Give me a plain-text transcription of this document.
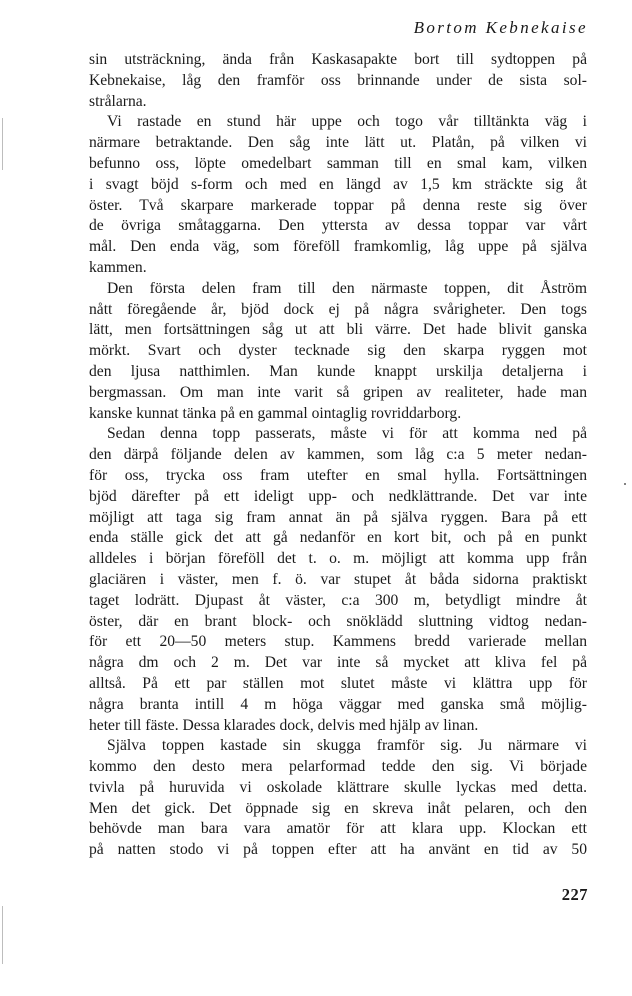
Bortom Kebnekaise
sin utsträckning, ända från Kaskasapakte bort till sydtoppen på
Kebnekaise, låg den framför oss brinnande under de sista sol-
strålarna.
Vi rastade en stund här uppe och togo vår tilltänkta väg i
närmare betraktande. Den såg inte lätt ut. Platån, på vilken vi
befunno oss, löpte omedelbart samman till en smal kam, vilken
i svagt böjd s-form och med en längd av 1,5 km sträckte sig åt
öster. Två skarpare markerade toppar på denna reste sig över
de övriga småtaggarna. Den yttersta av dessa toppar var vårt
mål. Den enda väg, som föreföll framkomlig, låg uppe på själva
kammen.
Den första delen fram till den närmaste toppen, dit Åström
nått föregående år, bjöd dock ej på några svårigheter. Den togs
lätt, men fortsättningen såg ut att bli värre. Det hade blivit ganska
mörkt. Svart och dyster tecknade sig den skarpa ryggen mot
den ljusa natthimlen. Man kunde knappt urskilja detaljerna i
bergmassan. Om man inte varit så gripen av realiteter, hade man
kanske kunnat tänka på en gammal ointaglig rovriddarborg.
Sedan denna topp passerats, måste vi för att komma ned på
den därpå följande delen av kammen, som låg c:a 5 meter nedan-
för oss, trycka oss fram utefter en smal hylla. Fortsättningen
bjöd därefter på ett ideligt upp- och nedklättrande. Det var inte
möjligt att taga sig fram annat än på själva ryggen. Bara på ett
enda ställe gick det att gå nedanför en kort bit, och på en punkt
alldeles i början föreföll det t. o. m. möjligt att komma upp från
glaciären i väster, men f. ö. var stupet åt båda sidorna praktiskt
taget lodrätt. Djupast åt väster, c:a 300 m, betydligt mindre åt
öster, där en brant block- och snöklädd sluttning vidtog nedan-
för ett 20—50 meters stup. Kammens bredd varierade mellan
några dm och 2 m. Det var inte så mycket att kliva fel på
alltså. På ett par ställen mot slutet måste vi klättra upp för
några branta intill 4 m höga väggar med ganska små möjlig-
heter till fäste. Dessa klarades dock, delvis med hjälp av linan.
Själva toppen kastade sin skugga framför sig. Ju närmare vi
kommo den desto mera pelarformad tedde den sig. Vi började
tvivla på huruvida vi oskolade klättrare skulle lyckas med detta.
Men det gick. Det öppnade sig en skreva inåt pelaren, och den
behövde man bara vara amatör för att klara upp. Klockan ett
på natten stodo vi på toppen efter att ha använt en tid av 50
227
